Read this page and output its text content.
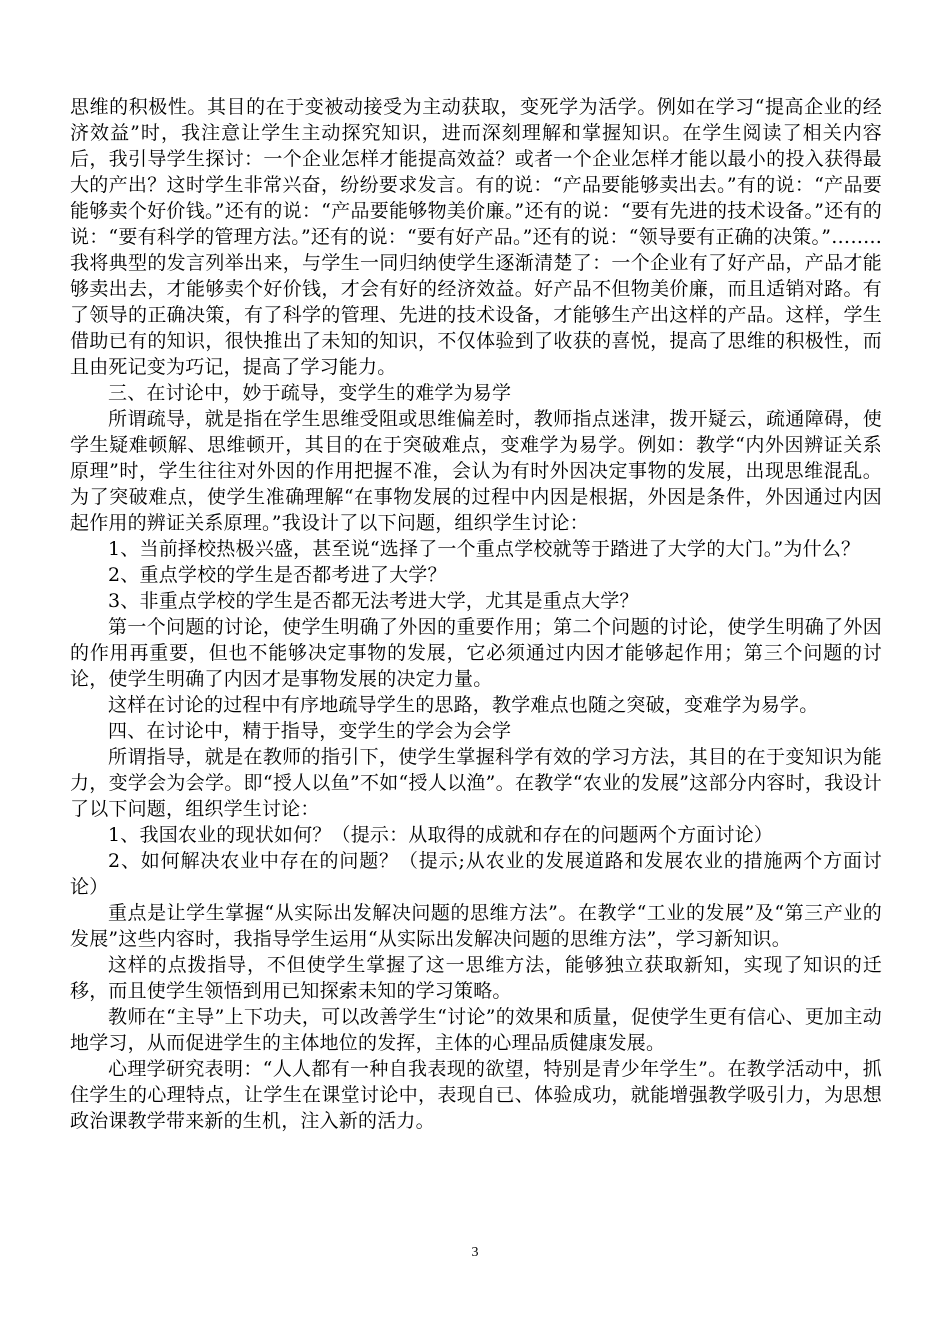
思维的积极性。其目的在于变被动接受为主动获取，变死学为活学。例如在学习“提高企业的经济效益”时，我注意让学生主动探究知识，进而深刻理解和掌握知识。在学生阅读了相关内容后，我引导学生探讨：一个企业怎样才能提高效益？或者一个企业怎样才能以最小的投入获得最大的产出？这时学生非常兴奋，纷纷要求发言。有的说：“产品要能够卖出去。”有的说：“产品要能够卖个好价钱。”还有的说：“产品要能够物美价廉。”还有的说：“要有先进的技术设备。”还有的说：“要有科学的管理方法。”还有的说：“要有好产品。”还有的说：“领导要有正确的决策。”……..我将典型的发言列举出来，与学生一同归纳使学生逐渐清楚了：一个企业有了好产品，产品才能够卖出去，才能够卖个好价钱，才会有好的经济效益。好产品不但物美价廉，而且适销对路。有了领导的正确决策，有了科学的管理、先进的技术设备，才能够生产出这样的产品。这样，学生借助已有的知识，很快推出了未知的知识，不仅体验到了收获的喜悦，提高了思维的积极性，而且由死记变为巧记，提高了学习能力。

三、在讨论中，妙于疏导，变学生的难学为易学

所谓疏导，就是指在学生思维受阻或思维偏差时，教师指点迷津，拨开疑云，疏通障碍，使学生疑难顿解、思维顿开，其目的在于突破难点，变难学为易学。例如：教学“内外因辨证关系原理”时，学生往往对外因的作用把握不准，会认为有时外因决定事物的发展，出现思维混乱。为了突破难点，使学生准确理解“在事物发展的过程中内因是根据，外因是条件，外因通过内因起作用的辨证关系原理。”我设计了以下问题，组织学生讨论：

1、当前择校热极兴盛，甚至说“选择了一个重点学校就等于踏进了大学的大门。”为什么？

2、重点学校的学生是否都考进了大学？

3、非重点学校的学生是否都无法考进大学，尤其是重点大学？

第一个问题的讨论，使学生明确了外因的重要作用；第二个问题的讨论，使学生明确了外因的作用再重要，但也不能够决定事物的发展，它必须通过内因才能够起作用；第三个问题的讨论，使学生明确了内因才是事物发展的决定力量。

这样在讨论的过程中有序地疏导学生的思路，教学难点也随之突破，变难学为易学。

四、在讨论中，精于指导，变学生的学会为会学

所谓指导，就是在教师的指引下，使学生掌握科学有效的学习方法，其目的在于变知识为能力，变学会为会学。即“授人以鱼”不如“授人以渔”。在教学“农业的发展”这部分内容时，我设计了以下问题，组织学生讨论：

1、我国农业的现状如何？（提示：从取得的成就和存在的问题两个方面讨论）

2、如何解决农业中存在的问题？（提示;从农业的发展道路和发展农业的措施两个方面讨论）

重点是让学生掌握“从实际出发解决问题的思维方法”。在教学“工业的发展”及“第三产业的发展”这些内容时，我指导学生运用“从实际出发解决问题的思维方法”，学习新知识。

这样的点拨指导，不但使学生掌握了这一思维方法，能够独立获取新知，实现了知识的迁移，而且使学生领悟到用已知探索未知的学习策略。

教师在“主导”上下功夫，可以改善学生“讨论”的效果和质量，促使学生更有信心、更加主动地学习，从而促进学生的主体地位的发挥，主体的心理品质健康发展。

心理学研究表明：“人人都有一种自我表现的欲望，特别是青少年学生”。在教学活动中，抓住学生的心理特点，让学生在课堂讨论中，表现自已、体验成功，就能增强教学吸引力，为思想政治课教学带来新的生机，注入新的活力。

3
